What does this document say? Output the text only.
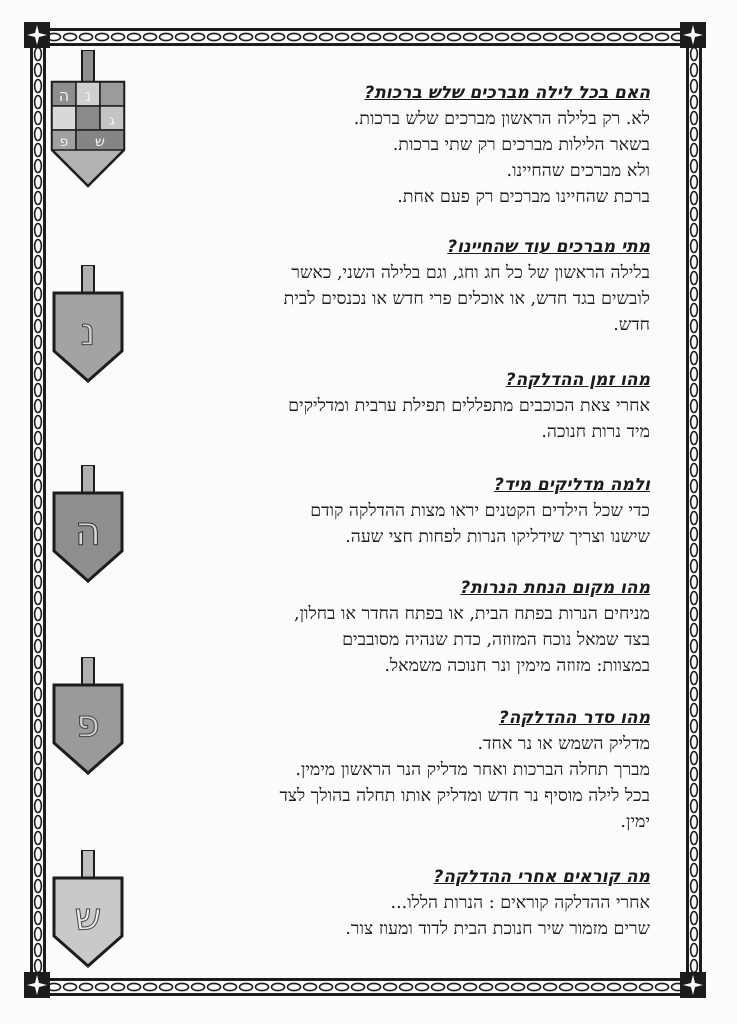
נ
ג
ה
פ ש
נ
ה
פ
ש
האם בכל לילה מברכים שלש ברכות?
לא. רק בלילה הראשון מברכים שלש ברכות.
בשאר הלילות מברכים רק שתי ברכות.
ולא מברכים שהחיינו.
ברכת שהחיינו מברכים רק פעם אחת.
מתי מברכים עוד שהחיינו?
בלילה הראשון של כל חג וחג, וגם בלילה השני, כאשר
לובשים בגד חדש, או אוכלים פרי חדש או נכנסים לבית
חדש.
מהו זמן ההדלקה?
אחרי צאת הכוכבים מתפללים תפילת ערבית ומדליקים
מיד נרות חנוכה.
ולמה מדליקים מיד?
כדי שכל הילדים הקטנים יראו מצות ההדלקה קודם
שישנו וצריך שידליקו הנרות לפחות חצי שעה.
מהו מקום הנחת הנרות?
מניחים הנרות בפתח הבית, או בפתח החדר או בחלון,
בצד שמאל נוכח המזוזה, כדת שנהיה מסובבים
במצוות: מזוזה מימין ונר חנוכה משמאל.
מהו סדר ההדלקה?
מדליק השמש או נר אחד.
מברך תחלה הברכות ואחר מדליק הנר הראשון מימין.
בכל לילה מוסיף נר חדש ומדליק אותו תחלה בהולך לצד
ימין.
מה קוראים אחרי ההדלקה?
אחרי ההדלקה קוראים : הנרות הללו...
שרים מזמור שיר חנוכת הבית לדוד ומעוז צור.
